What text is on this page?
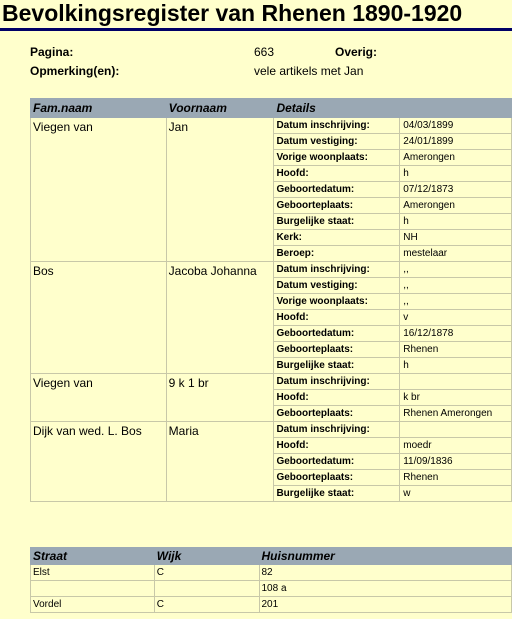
Bevolkingsregister van Rhenen 1890-1920
Pagina:	663	Overig:
Opmerking(en):	vele artikels met Jan
Fam.naam	Voornaam	Details	
Viegen van	Jan	Datum inschrijving:	04/03/1899
		Datum vestiging:	24/01/1899
		Vorige woonplaats:	Amerongen
		Hoofd:	h
		Geboortedatum:	07/12/1873
		Geboorteplaats:	Amerongen
		Burgelijke staat:	h
		Kerk:	NH
		Beroep:	mestelaar
Bos	Jacoba Johanna	Datum inschrijving:	,,
		Datum vestiging:	,,
		Vorige woonplaats:	,,
		Hoofd:	v
		Geboortedatum:	16/12/1878
		Geboorteplaats:	Rhenen
		Burgelijke staat:	h
Viegen van	9 k 1 br	Datum inschrijving:	
		Hoofd:	k br
		Geboorteplaats:	Rhenen Amerongen
Dijk van wed. L. Bos	Maria	Datum inschrijving:	
		Hoofd:	moedr
		Geboortedatum:	11/09/1836
		Geboorteplaats:	Rhenen
		Burgelijke staat:	w
Straat	Wijk	Huisnummer
Elst	C	82
		108 a
Vordel	C	201
